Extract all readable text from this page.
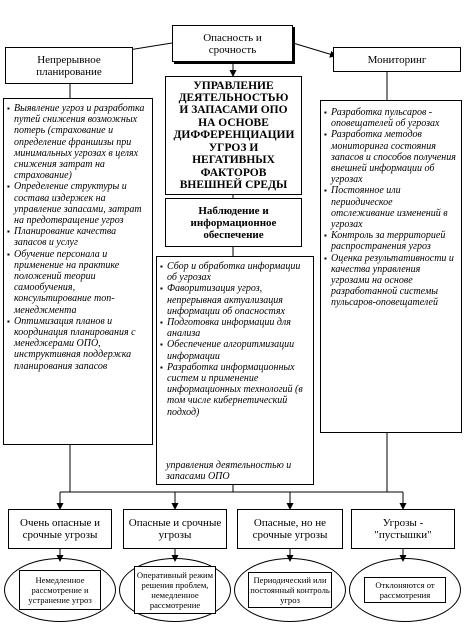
Опасность и срочность
Непрерывное планирование
Мониторинг
УПРАВЛЕНИЕ ДЕЯТЕЛЬНОСТЬЮ И ЗАПАСАМИ ОПО НА ОСНОВЕ ДИФФЕРЕНЦИАЦИИ УГРОЗ И НЕГАТИВНЫХ ФАКТОРОВ ВНЕШНЕЙ СРЕДЫ
Наблюдение и информационное обеспечение
▪ Выявление угроз и разработка путей снижения возможных потерь (страхование и определение франшизы при минимальных угрозах в целях снижения затрат на страхование)
▪ Определение структуры и состава издержек на управление запасами, затрат на предотвращение угроз
▪ Планирование качества запасов и услуг
▪ Обучение персонала и применение на практике положений теории самообучения, консультирование топ-менеджмента
▪ Оптимизация планов и координация планирования с менеджерами ОПО, инструктивная поддержка планирования запасов
▪ Разработка пульсаров - оповещателей об угрозах
▪ Разработка методов мониторинга состояния запасов и способов получения внешней информации об угрозах
▪ Постоянное или периодическое отслеживание изменений в угрозах
▪ Контроль за территорией распространения угроз
▪ Оценка результативности и качества управления угрозами на основе разработанной системы пульсаров-оповещателей
▪ Сбор и обработка информации об угрозах
▪ Фаворитизация угроз, непрерывная актуализация информации об опасностях
▪ Подготовка информации для анализа
▪ Обеспечение алгоритмизации информации
▪ Разработка информационных систем и применение информационных технологий (в том числе кибернетический подход)
управления деятельностью и запасами ОПО
Очень опасные и срочные угрозы
Опасные и срочные угрозы
Опасные, но не срочные угрозы
Угрозы - "пустышки"
Немедленное рассмотрение и устранение угроз
Оперативный режим решения проблем, немедленное рассмотрение
Периодический или постоянный контроль угроз
Отклоняются от рассмотрения
